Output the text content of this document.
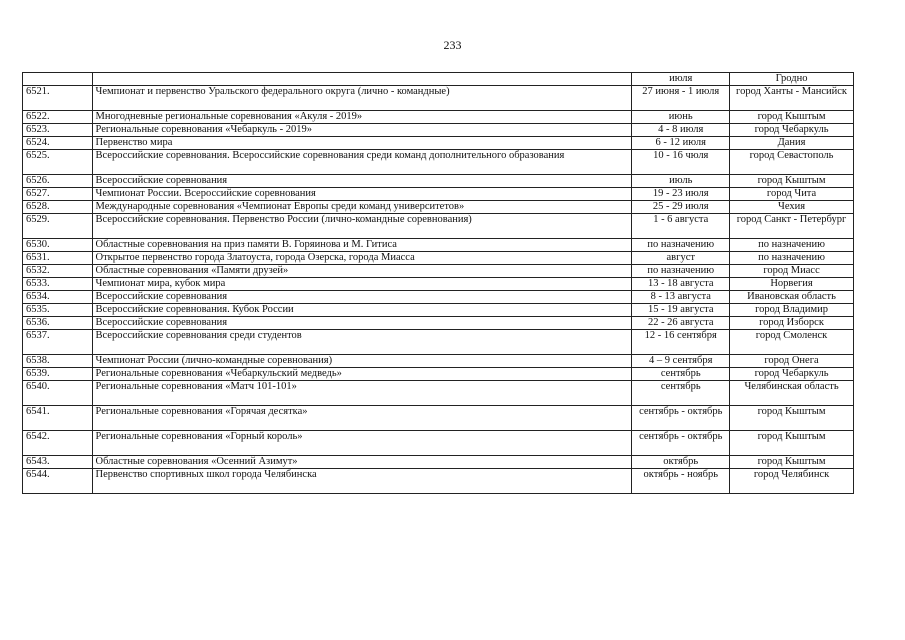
233
		июля	Гродно
6521.	Чемпионат и первенство Уральского федерального округа (лично - командные)	27 июня - 1 июля	город Ханты - Мансийск
6522.	Многодневные региональные соревнования «Акуля - 2019»	июнь	город Кыштым
6523.	Региональные соревнования «Чебаркуль - 2019»	4 - 8 июля	город Чебаркуль
6524.	Первенство мира	6 - 12 июля	Дания
6525.	Всероссийские соревнования. Всероссийские соревнования среди команд дополнительного образования	10 - 16 чюля	город Севастополь
6526.	Всероссийские соревнования	июль	город Кыштым
6527.	Чемпионат России. Всероссийские соревнования	19 - 23 июля	город Чита
6528.	Международные соревнования «Чемпионат Европы среди команд университетов»	25 - 29 июля	Чехия
6529.	Всероссийские соревнования. Первенство России (лично-командные соревнования)	1 - 6 августа	город Санкт - Петербург
6530.	Областные соревнования на приз памяти В. Горяинова и М. Гитиса	по назначению	по назначению
6531.	Открытое первенство города Златоуста, города Озерска, города Миасса	август	по назначению
6532.	Областные соревнования «Памяти друзей»	по назначению	город Миасс
6533.	Чемпионат мира, кубок мира	13 - 18 августа	Норвегия
6534.	Всероссийские соревнования	8 - 13 августа	Ивановская область
6535.	Всероссийские соревнования. Кубок России	15 - 19 августа	город Владимир
6536.	Всероссийские соревнования	22 - 26 августа	город Изборск
6537.	Всероссийские соревнования среди студентов	12 - 16 сентября	город Смоленск
6538.	Чемпионат России (лично-командные соревнования)	4 – 9 сентября	город Онега
6539.	Региональные соревнования «Чебаркульский медведь»	сентябрь	город Чебаркуль
6540.	Региональные соревнования «Матч 101-101»	сентябрь	Челябинская область
6541.	Региональные соревнования «Горячая десятка»	сентябрь - октябрь	город Кыштым
6542.	Региональные соревнования «Горный король»	сентябрь - октябрь	город Кыштым
6543.	Областные соревнования «Осенний Азимут»	октябрь	город Кыштым
6544.	Первенство спортивных школ города Челябинска	октябрь - ноябрь	город Челябинск
